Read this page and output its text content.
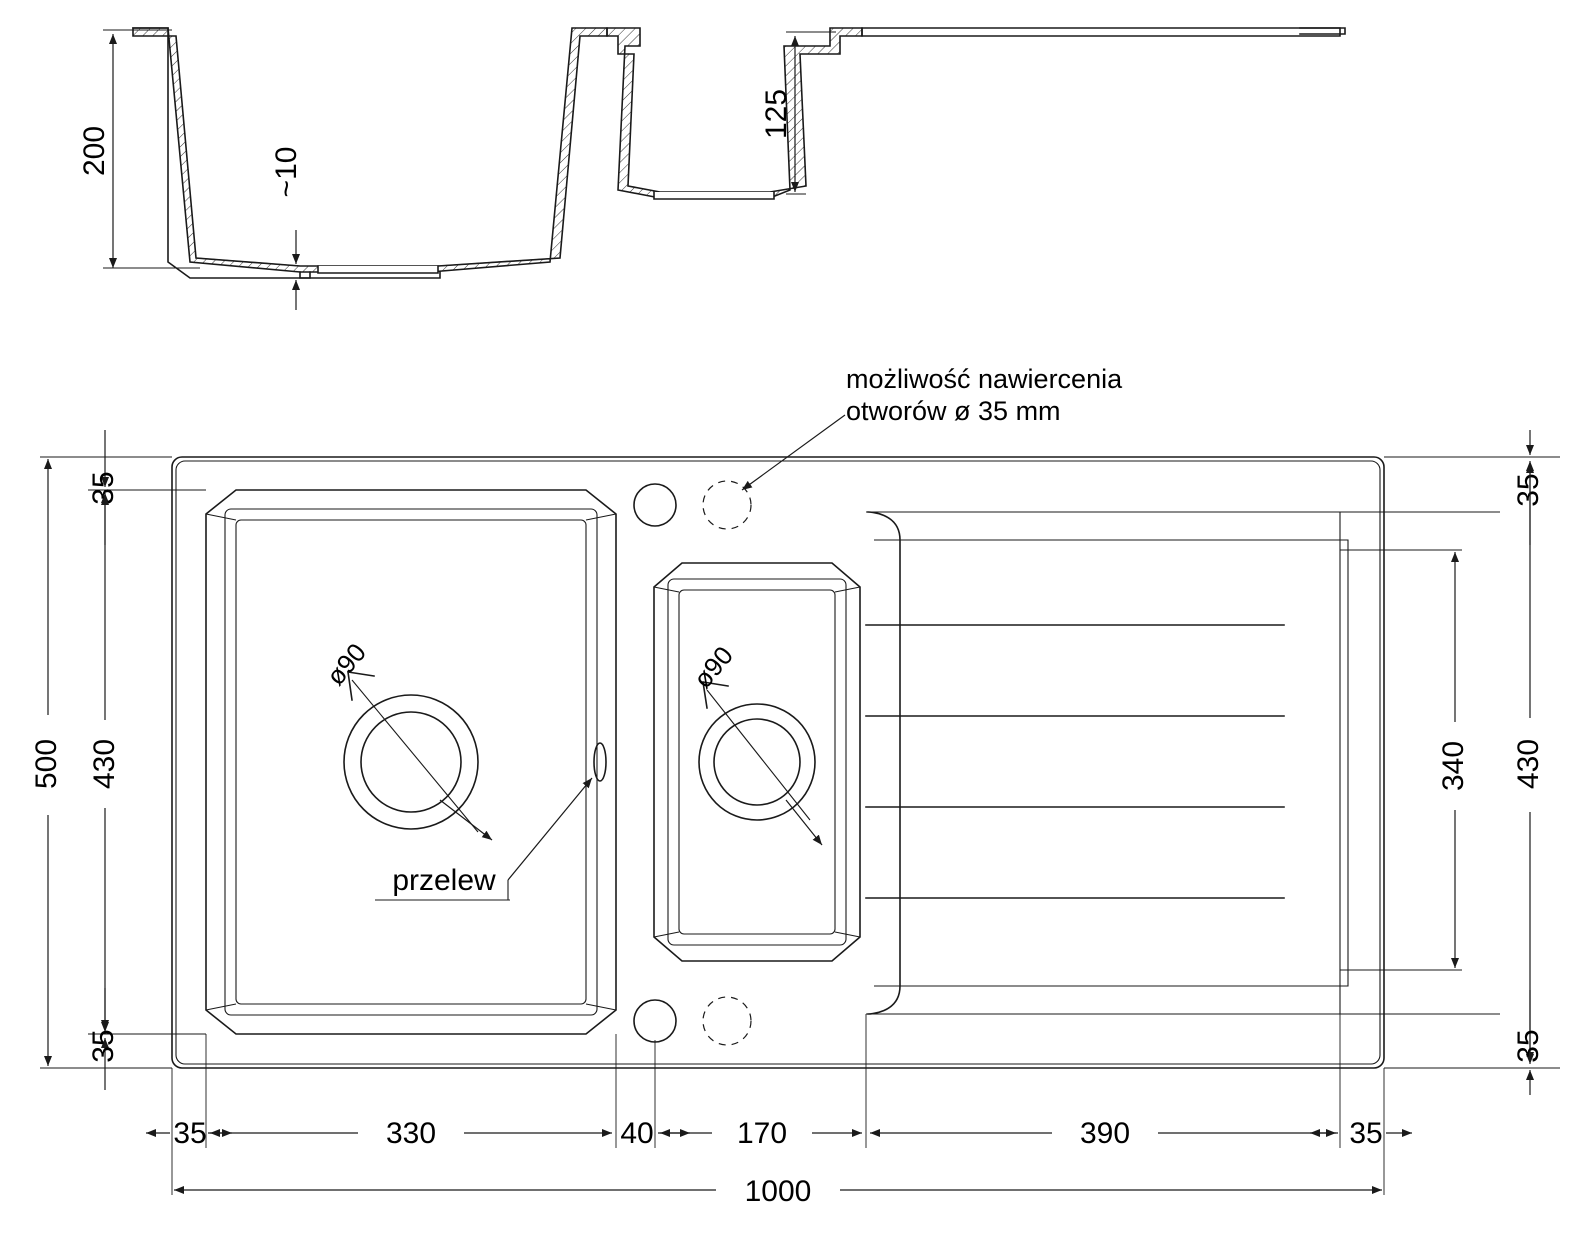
200	~10
125
ø90	ø90
przelew
możliwość nawiercenia
otworów ø 35 mm
35
430
35
500
35
340 430
35
35	330	40	170	390	35
1000
